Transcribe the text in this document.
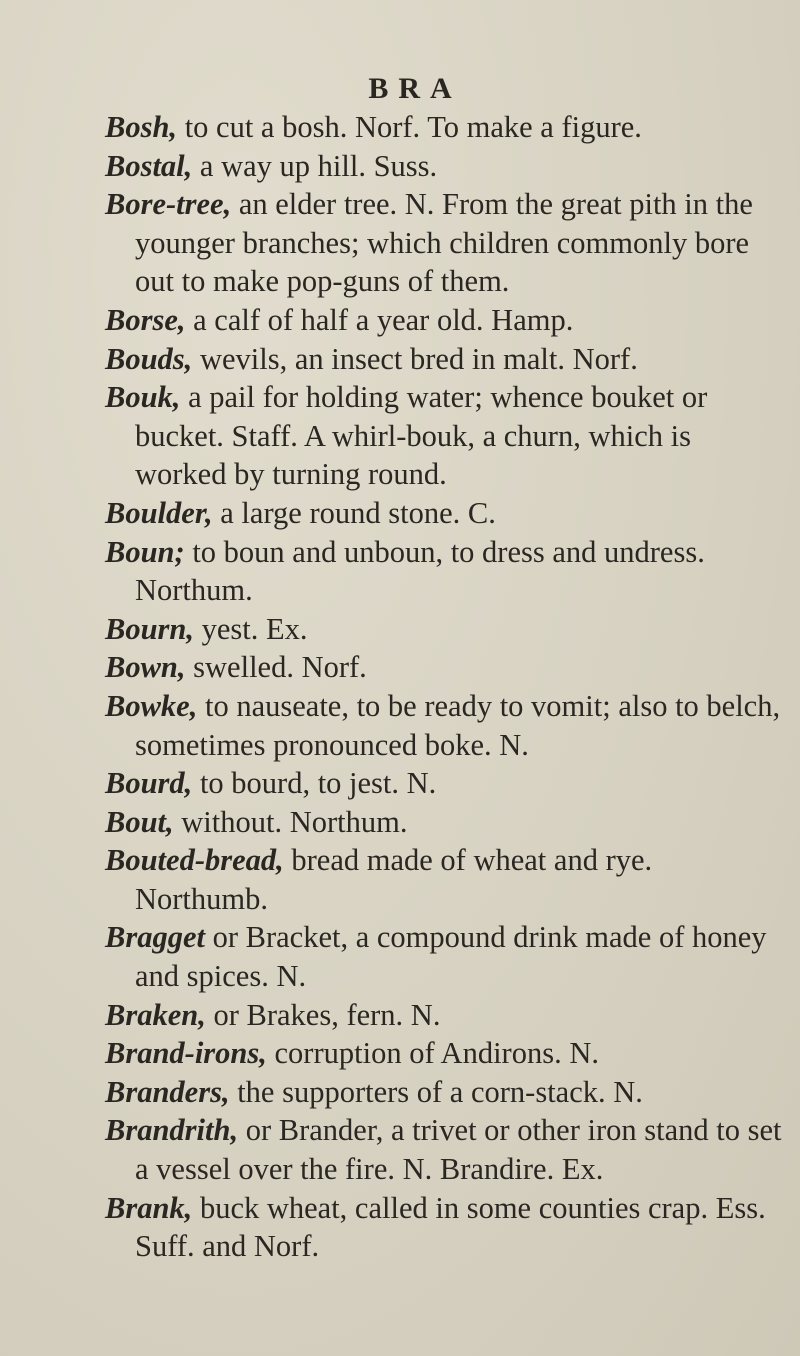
BRA

Bosh, to cut a bosh. Norf. To make a figure.

Bostal, a way up hill. Suss.

Bore-tree, an elder tree. N. From the great pith in the younger branches; which children commonly bore out to make pop-guns of them.

Borse, a calf of half a year old. Hamp.

Bouds, wevils, an insect bred in malt. Norf.

Bouk, a pail for holding water; whence bouket or bucket. Staff. A whirl-bouk, a churn, which is worked by turning round.

Boulder, a large round stone. C.

Boun; to boun and unboun, to dress and undress. Northum.

Bourn, yest. Ex.

Bown, swelled. Norf.

Bowke, to nauseate, to be ready to vomit; also to belch, sometimes pronounced boke. N.

Bourd, to bourd, to jest. N.

Bout, without. Northum.

Bouted-bread, bread made of wheat and rye. Northumb.

Bragget or Bracket, a compound drink made of honey and spices. N.

Braken, or Brakes, fern. N.

Brand-irons, corruption of Andirons. N.

Branders, the supporters of a corn-stack. N.

Brandrith, or Brander, a trivet or other iron stand to set a vessel over the fire. N. Brandire. Ex.

Brank, buck wheat, called in some counties crap. Ess. Suff. and Norf.
